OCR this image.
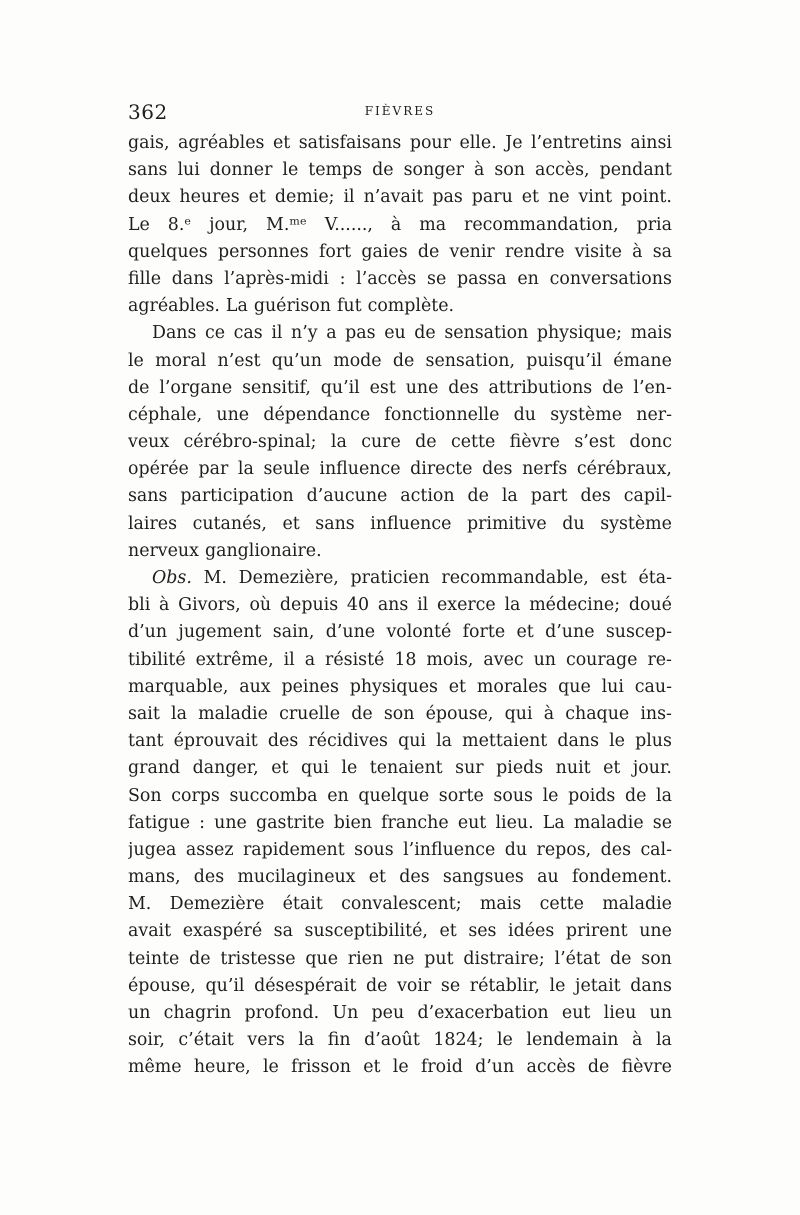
362	FIÈVRES
gais, agréables et satisfaisans pour elle. Je l’entretins ainsi
sans lui donner le temps de songer à son accès, pendant
deux heures et demie; il n’avait pas paru et ne vint point.
Le 8.ᵉ jour, M.ᵐᵉ V......, à ma recommandation, pria
quelques personnes fort gaies de venir rendre visite à sa
fille dans l’après-midi : l’accès se passa en conversations
agréables. La guérison fut complète.
Dans ce cas il n’y a pas eu de sensation physique; mais
le moral n’est qu’un mode de sensation, puisqu’il émane
de l’organe sensitif, qu’il est une des attributions de l’en-
céphale, une dépendance fonctionnelle du système ner-
veux cérébro-spinal; la cure de cette fièvre s’est donc
opérée par la seule influence directe des nerfs cérébraux,
sans participation d’aucune action de la part des capil-
laires cutanés, et sans influence primitive du système
nerveux ganglionaire.
Obs. M. Demezière, praticien recommandable, est éta-
bli à Givors, où depuis 40 ans il exerce la médecine; doué
d’un jugement sain, d’une volonté forte et d’une suscep-
tibilité extrême, il a résisté 18 mois, avec un courage re-
marquable, aux peines physiques et morales que lui cau-
sait la maladie cruelle de son épouse, qui à chaque ins-
tant éprouvait des récidives qui la mettaient dans le plus
grand danger, et qui le tenaient sur pieds nuit et jour.
Son corps succomba en quelque sorte sous le poids de la
fatigue : une gastrite bien franche eut lieu. La maladie se
jugea assez rapidement sous l’influence du repos, des cal-
mans, des mucilagineux et des sangsues au fondement.
M. Demezière était convalescent; mais cette maladie
avait exaspéré sa susceptibilité, et ses idées prirent une
teinte de tristesse que rien ne put distraire; l’état de son
épouse, qu’il désespérait de voir se rétablir, le jetait dans
un chagrin profond. Un peu d’exacerbation eut lieu un
soir, c’était vers la fin d’août 1824; le lendemain à la
même heure, le frisson et le froid d’un accès de fièvre
